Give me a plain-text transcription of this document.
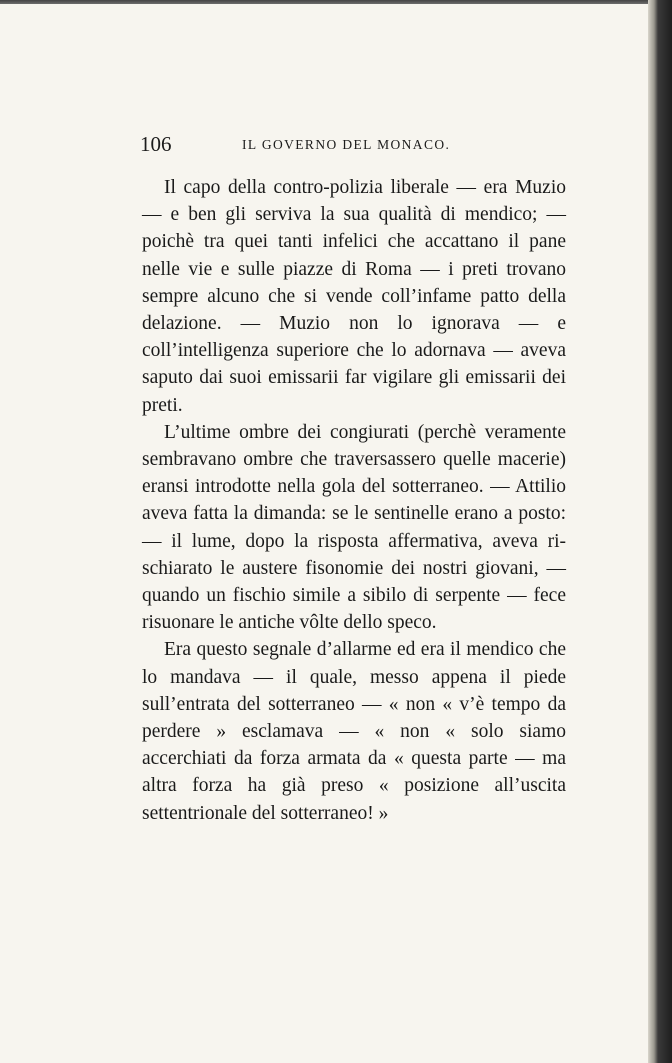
106	IL GOVERNO DEL MONACO.

Il capo della contro-polizia liberale — era Muzio — e ben gli serviva la sua qualità di mendico; — poichè tra quei tanti infelici che accattano il pane nelle vie e sulle piazze di Roma — i preti trovano sempre alcuno che si vende coll’infame patto della delazione. — Muzio non lo ignorava — e coll’intelligenza superiore che lo adornava — aveva saputo dai suoi emissarii far vigilare gli emissarii dei preti.

L’ultime ombre dei congiurati (perchè veramente sembravano ombre che traversassero quelle macerie) eransi introdotte nella gola del sotterraneo. — Attilio aveva fatta la dimanda: se le sentinelle erano a posto: — il lume, dopo la risposta affermativa, aveva rischiarato le austere fisonomie dei nostri giovani, — quando un fischio simile a sibilo di serpente — fece risuonare le antiche vôlte dello speco.

Era questo segnale d’allarme ed era il mendico che lo mandava — il quale, messo appena il piede sull’entrata del sotterraneo — « non « v’è tempo da perdere » esclamava — « non « solo siamo accerchiati da forza armata da « questa parte — ma altra forza ha già preso « posizione all’uscita settentrionale del sotterraneo! »
